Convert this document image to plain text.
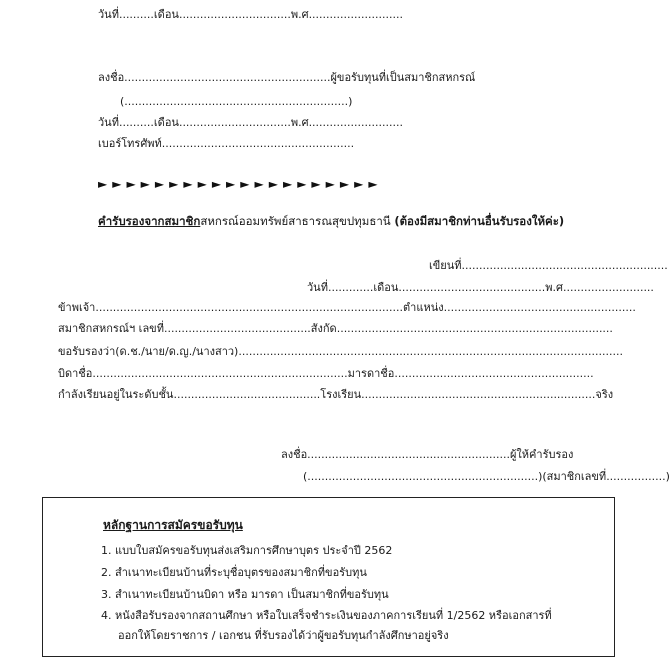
วันที่..........เดือน................................พ.ศ...........................
ลงชื่อ...........................................................ผู้ขอรับทุนที่เป็นสมาชิกสหกรณ์
(................................................................)
วันที่..........เดือน................................พ.ศ...........................
เบอร์โทรศัพท์.......................................................
►►►►►►►►►►►►►►►►►►►►
คำรับรองจากสมาชิกสหกรณ์ออมทรัพย์สาธารณสุขปทุมธานี (ต้องมีสมาชิกท่านอื่นรับรองให้ค่ะ)
เขียนที่...........................................................
วันที่.............เดือน..........................................พ.ศ..........................
ข้าพเจ้า........................................................................................ตำแหน่ง.......................................................
สมาชิกสหกรณ์ฯ เลขที่..........................................สังกัด...............................................................................
ขอรับรองว่า(ด.ช./นาย/ด.ญ./นางสาว)..............................................................................................................
บิดาชื่อ.........................................................................มารดาชื่อ.........................................................
กำลังเรียนอยู่ในระดับชั้น..........................................โรงเรียน...................................................................จริง
ลงชื่อ..........................................................ผู้ให้คำรับรอง
(..................................................................)(สมาชิกเลขที่.................)
หลักฐานการสมัครขอรับทุน
1. แบบใบสมัครขอรับทุนส่งเสริมการศึกษาบุตร ประจำปี 2562
2. สำเนาทะเบียนบ้านที่ระบุชื่อบุตรของสมาชิกที่ขอรับทุน
3. สำเนาทะเบียนบ้านบิดา หรือ มารดา เป็นสมาชิกที่ขอรับทุน
4. หนังสือรับรองจากสถานศึกษา หรือใบเสร็จชำระเงินของภาคการเรียนที่ 1/2562 หรือเอกสารที่
ออกให้โดยราชการ / เอกชน ที่รับรองได้ว่าผู้ขอรับทุนกำลังศึกษาอยู่จริง
